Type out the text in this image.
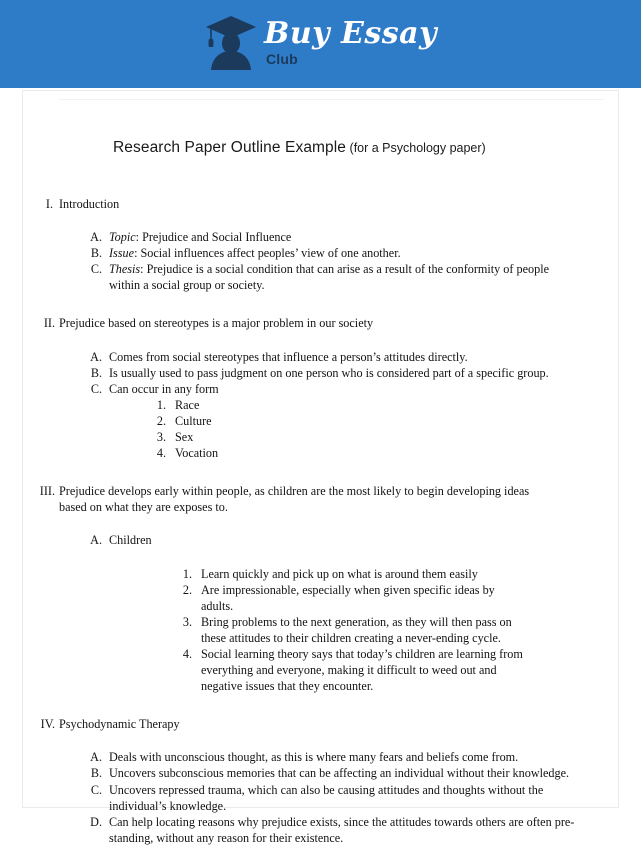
Buy Essay
Club
Research Paper Outline Example (for a Psychology paper)
I. Introduction
A. Topic: Prejudice and Social Influence
B. Issue: Social influences affect peoples’ view of one another.
C. Thesis: Prejudice is a social condition that can arise as a result of the conformity of people within a social group or society.
II. Prejudice based on stereotypes is a major problem in our society
A. Comes from social stereotypes that influence a person’s attitudes directly.
B. Is usually used to pass judgment on one person who is considered part of a specific group.
C. Can occur in any form
1. Race
2. Culture
3. Sex
4. Vocation
III. Prejudice develops early within people, as children are the most likely to begin developing ideas based on what they are exposes to.
A. Children
1. Learn quickly and pick up on what is around them easily
2. Are impressionable, especially when given specific ideas by adults.
3. Bring problems to the next generation, as they will then pass on these attitudes to their children creating a never-ending cycle.
4. Social learning theory says that today’s children are learning from everything and everyone, making it difficult to weed out and negative issues that they encounter.
IV. Psychodynamic Therapy
A. Deals with unconscious thought, as this is where many fears and beliefs come from.
B. Uncovers subconscious memories that can be affecting an individual without their knowledge.
C. Uncovers repressed trauma, which can also be causing attitudes and thoughts without the individual’s knowledge.
D. Can help locating reasons why prejudice exists, since the attitudes towards others are often pre-standing, without any reason for their existence.
